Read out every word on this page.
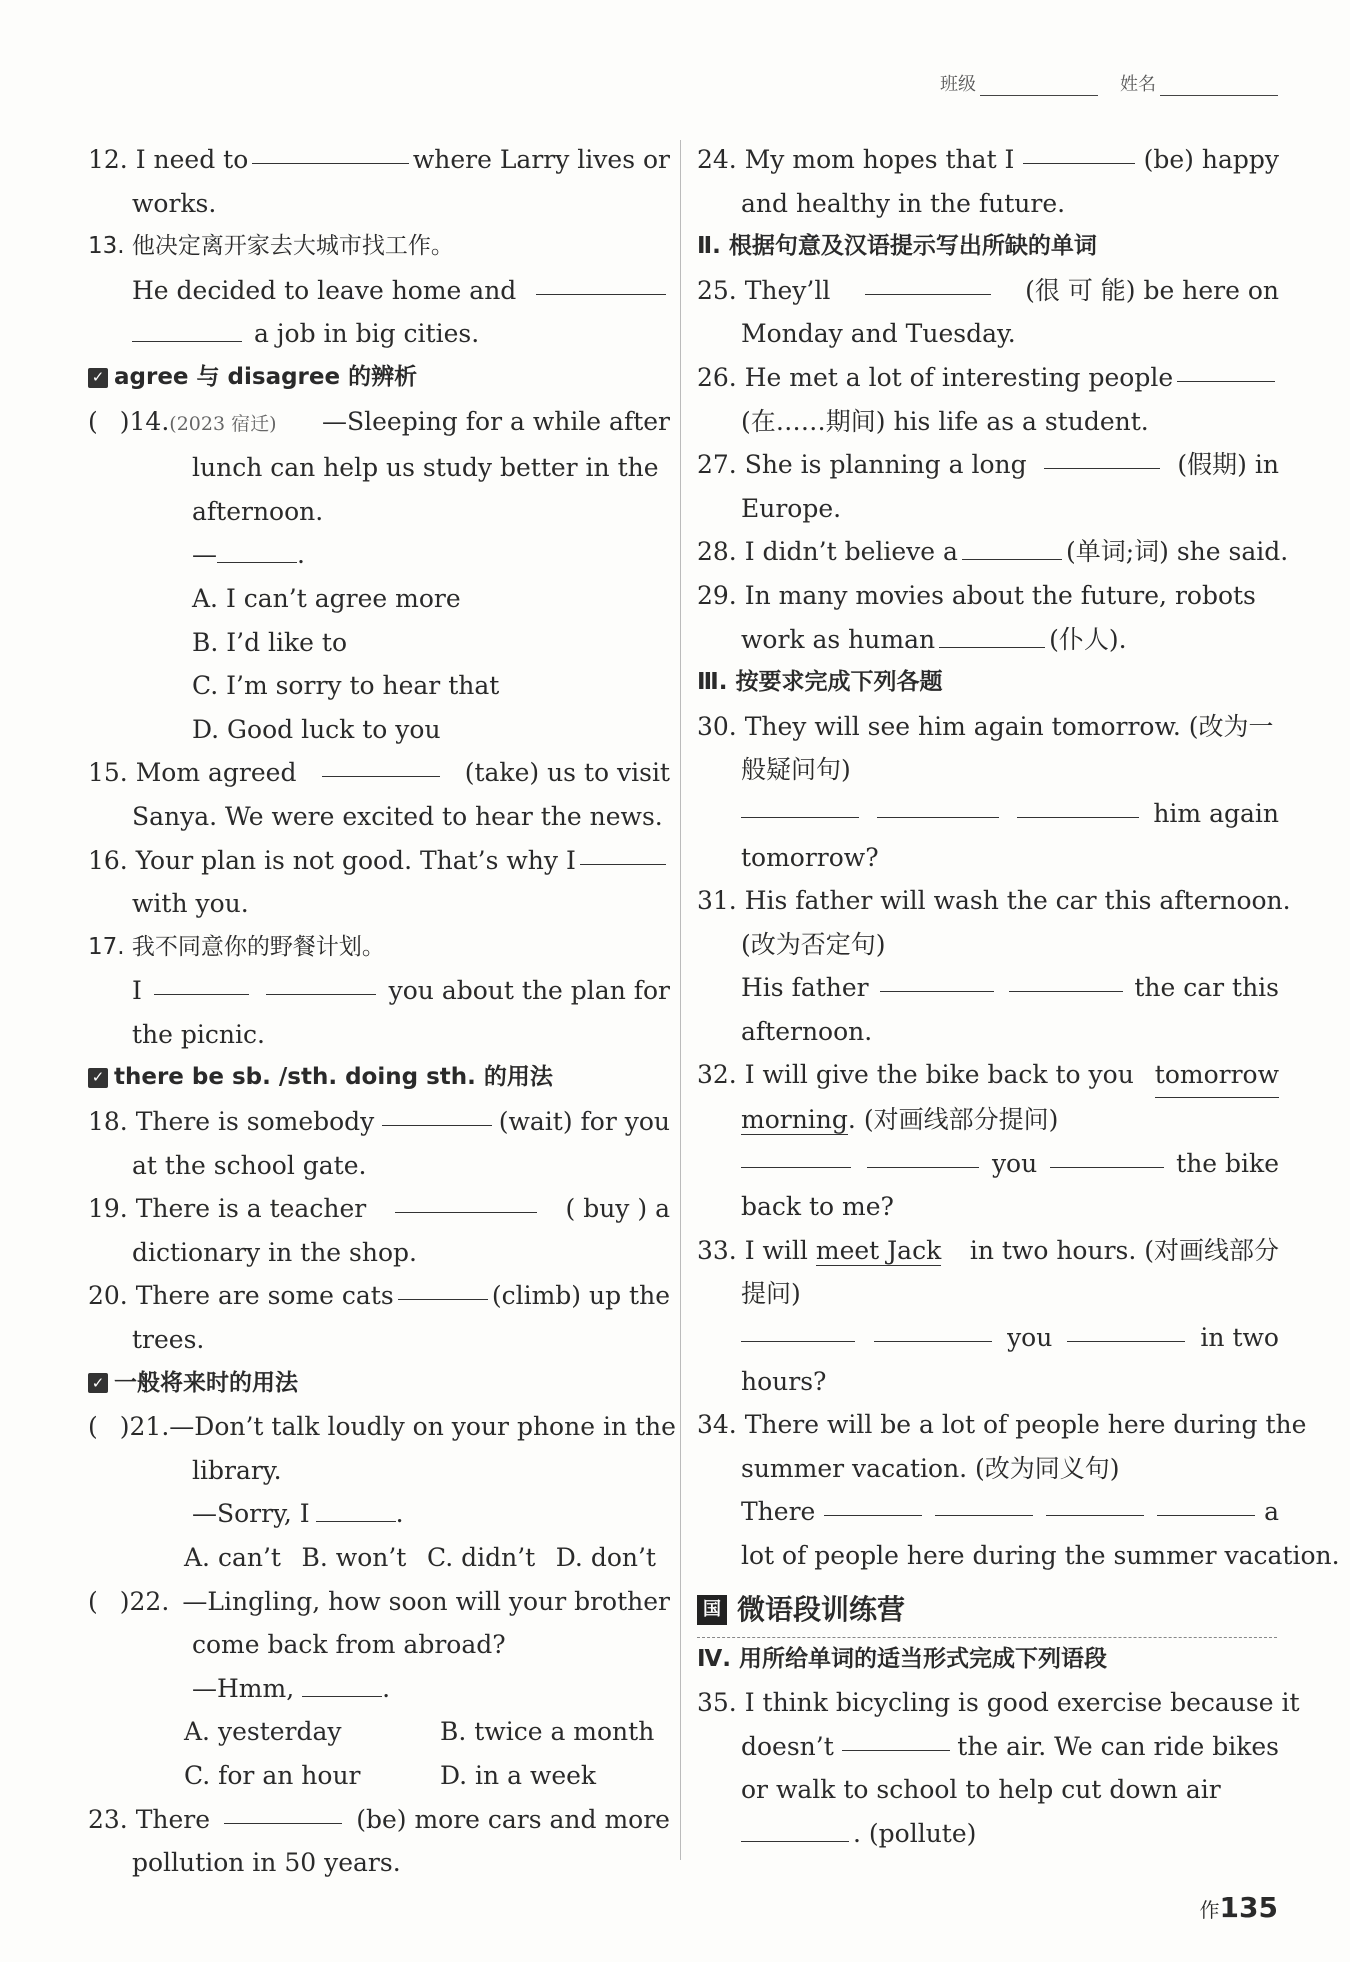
班级	姓名
12. I need to	where Larry lives or
works.
13. 他决定离开家去大城市找工作。
He decided to leave home and
a job in big cities.
✓ agree 与 disagree 的辨析
( )14.(2023 宿迁) —Sleeping for a while after
lunch can help us study better in the
afternoon.
—	.
A. I can’t agree more
B. I’d like to
C. I’m sorry to hear that
D. Good luck to you
15. Mom agreed	(take) us to visit
Sanya. We were excited to hear the news.
16. Your plan is not good. That’s why I
with you.
17. 我不同意你的野餐计划。
I	you about the plan for
the picnic.
✓ there be sb. /sth. doing sth. 的用法
18. There is somebody	(wait) for you
at the school gate.
19. There is a teacher	( buy ) a
dictionary in the shop.
20. There are some cats	(climb) up the
trees.
✓ 一般将来时的用法
( )21. —Don’t talk loudly on your phone in the
library.
—Sorry, I	.
A. can’t B. won’t C. didn’t D. don’t
( )22. —Lingling, how soon will your brother
come back from abroad?
—Hmm,	.
A. yesterday	B. twice a month
C. for an hour	D. in a week
23. There	(be) more cars and more
pollution in 50 years.
24. My mom hopes that I	(be) happy
and healthy in the future.
Ⅱ. 根据句意及汉语提示写出所缺的单词
25. They’ll	(很 可 能) be here on
Monday and Tuesday.
26. He met a lot of interesting people
(在……期间) his life as a student.
27. She is planning a long	(假期) in
Europe.
28. I didn’t believe a	(单词;词) she said.
29. In many movies about the future, robots
work as human	(仆人).
Ⅲ. 按要求完成下列各题
30. They will see him again tomorrow. (改为一
般疑问句)
him again
tomorrow?
31. His father will wash the car this afternoon.
(改为否定句)
His father	the car this
afternoon.
32. I will give the bike back to you tomorrow
morning. (对画线部分提问)
you	the bike
back to me?
33. I will meet Jack in two hours. (对画线部分
提问)
you	in two
hours?
34. There will be a lot of people here during the
summer vacation. (改为同义句)
There	a
lot of people here during the summer vacation.
国 微语段训练营
Ⅳ. 用所给单词的适当形式完成下列语段
35. I think bicycling is good exercise because it
doesn’t	the air. We can ride bikes
or walk to school to help cut down air
. (pollute)
作135
